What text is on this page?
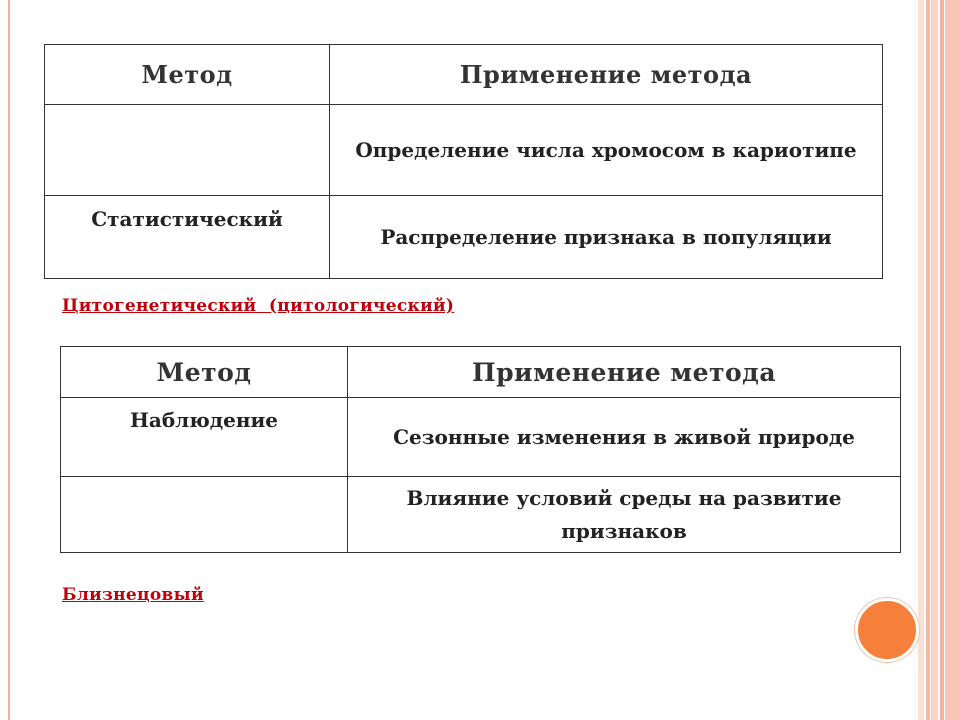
Метод	Применение метода
	Определение числа хромосом в кариотипе
Статистический	Распределение признака в популяции
Цитогенетический  (цитологический)
Метод	Применение метода
Наблюдение	Сезонные изменения в живой природе
	Влияние условий среды на развитие признаков
Близнецовый
